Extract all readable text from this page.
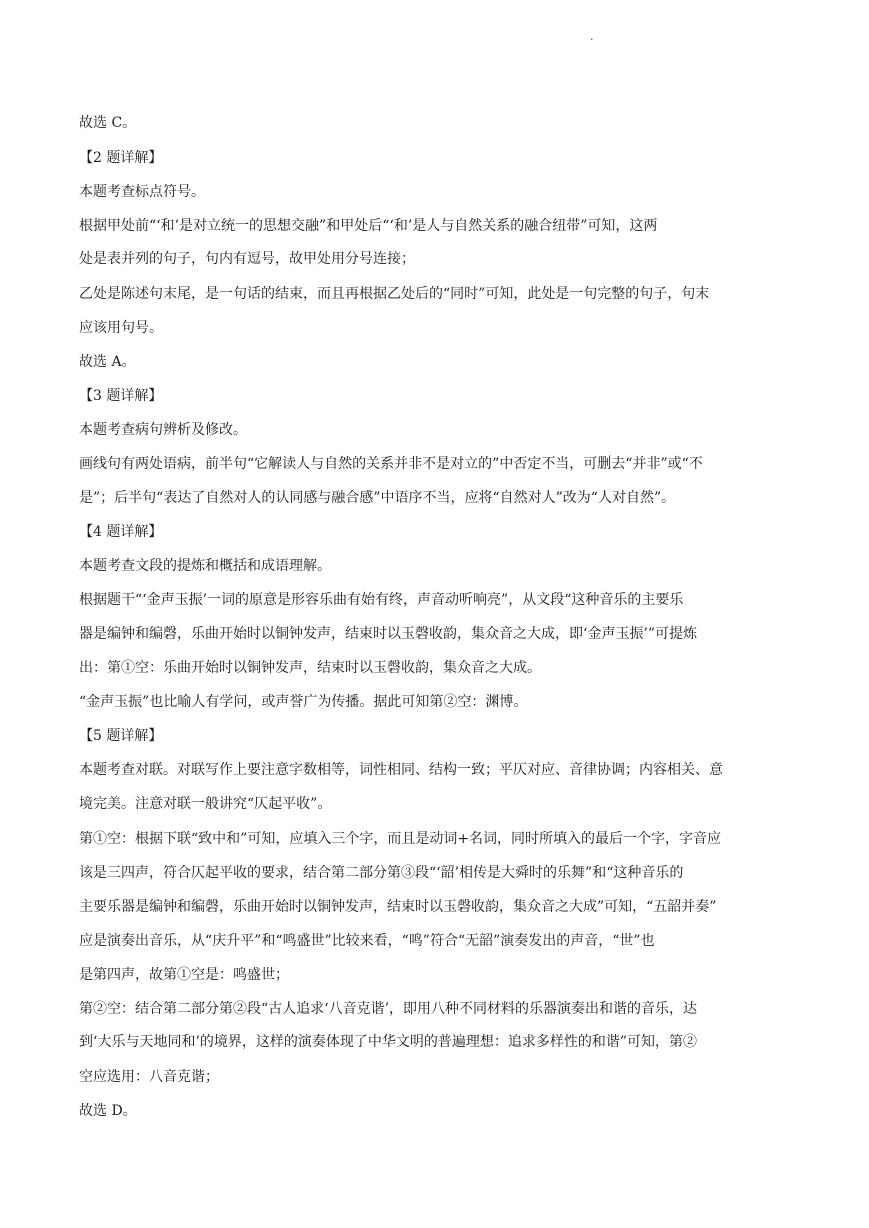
.
故选 C。
【2 题详解】
本题考查标点符号。
根据甲处前“‘和’是对立统一的思想交融”和甲处后“‘和’是人与自然关系的融合纽带”可知，这两
处是表并列的句子，句内有逗号，故甲处用分号连接；
乙处是陈述句末尾，是一句话的结束，而且再根据乙处后的“同时”可知，此处是一句完整的句子，句末
应该用句号。
故选 A。
【3 题详解】
本题考查病句辨析及修改。
画线句有两处语病，前半句“它解读人与自然的关系并非不是对立的”中否定不当，可删去“并非”或“不
是”；后半句“表达了自然对人的认同感与融合感”中语序不当，应将“自然对人”改为“人对自然”。
【4 题详解】
本题考查文段的提炼和概括和成语理解。
根据题干“‘金声玉振’一词的原意是形容乐曲有始有终，声音动听响亮”，从文段“这种音乐的主要乐
器是编钟和编磬，乐曲开始时以铜钟发声，结束时以玉磬收韵，集众音之大成，即‘金声玉振’”可提炼
出：第①空：乐曲开始时以铜钟发声，结束时以玉磬收韵，集众音之大成。
“金声玉振”也比喻人有学问，或声誉广为传播。据此可知第②空：渊博。
【5 题详解】
本题考查对联。对联写作上要注意字数相等，词性相同、结构一致；平仄对应、音律协调；内容相关、意
境完美。注意对联一般讲究“仄起平收”。
第①空：根据下联“致中和”可知，应填入三个字，而且是动词+名词，同时所填入的最后一个字，字音应
该是三四声，符合仄起平收的要求，结合第二部分第③段“‘韶’相传是大舜时的乐舞”和“这种音乐的
主要乐器是编钟和编磬，乐曲开始时以铜钟发声，结束时以玉磬收韵，集众音之大成”可知，“五韶并奏”
应是演奏出音乐，从“庆升平”和“鸣盛世”比较来看，“鸣”符合“无韶”演奏发出的声音，“世”也
是第四声，故第①空是：鸣盛世；
第②空：结合第二部分第②段“古人追求‘八音克谐’，即用八种不同材料的乐器演奏出和谐的音乐，达
到‘大乐与天地同和’的境界，这样的演奏体现了中华文明的普遍理想：追求多样性的和谐”可知，第②
空应选用：八音克谐；
故选 D。
